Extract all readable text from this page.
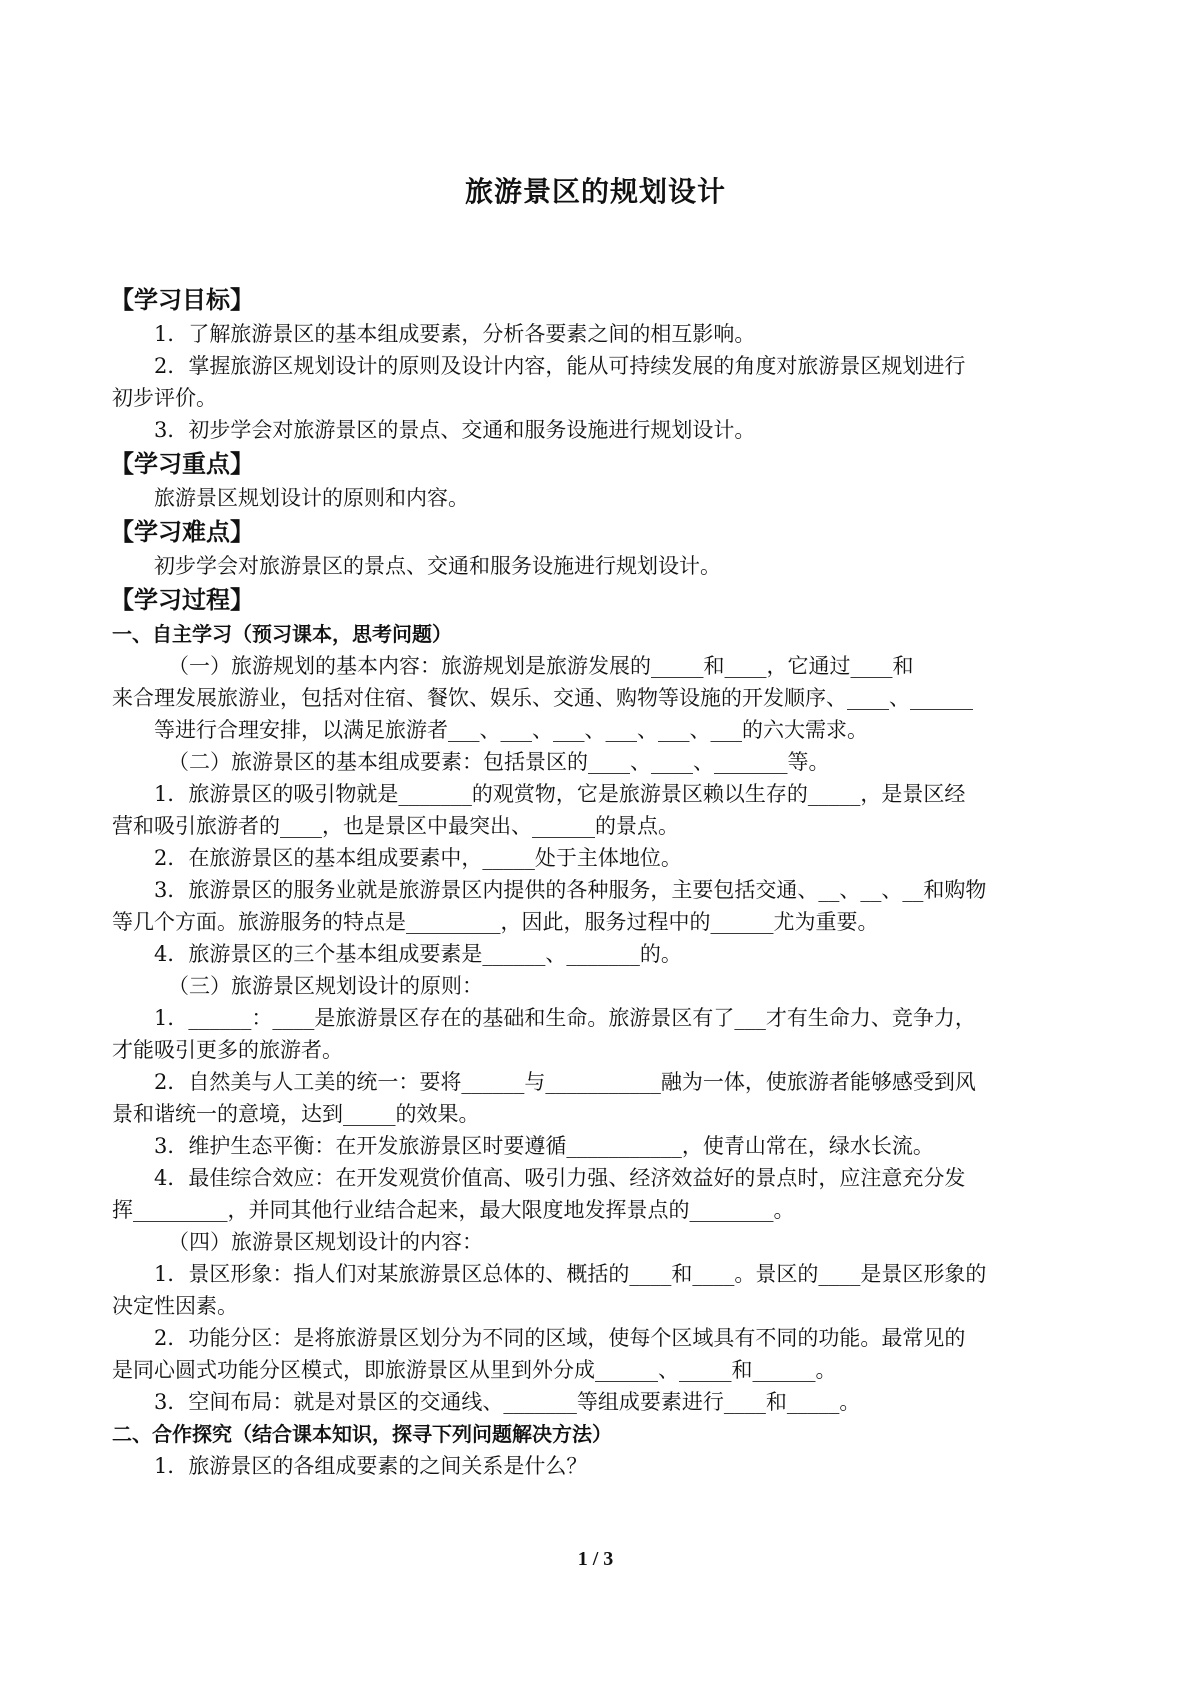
旅游景区的规划设计
【学习目标】
1．了解旅游景区的基本组成要素，分析各要素之间的相互影响。
2．掌握旅游区规划设计的原则及设计内容，能从可持续发展的角度对旅游景区规划进行
初步评价。
3．初步学会对旅游景区的景点、交通和服务设施进行规划设计。
【学习重点】
旅游景区规划设计的原则和内容。
【学习难点】
初步学会对旅游景区的景点、交通和服务设施进行规划设计。
【学习过程】
一、自主学习（预习课本，思考问题）
（一）旅游规划的基本内容：旅游规划是旅游发展的_____和____，它通过____和
来合理发展旅游业，包括对住宿、餐饮、娱乐、交通、购物等设施的开发顺序、____、______
等进行合理安排，以满足旅游者___、___、___、___、___、___的六大需求。
（二）旅游景区的基本组成要素：包括景区的____、____、_______等。
1．旅游景区的吸引物就是_______的观赏物，它是旅游景区赖以生存的_____，是景区经
营和吸引旅游者的____，也是景区中最突出、______的景点。
2．在旅游景区的基本组成要素中，_____处于主体地位。
3．旅游景区的服务业就是旅游景区内提供的各种服务，主要包括交通、__、__、__和购物
等几个方面。旅游服务的特点是_________，因此，服务过程中的______尤为重要。
4．旅游景区的三个基本组成要素是______、_______的。
（三）旅游景区规划设计的原则：
1．______：____是旅游景区存在的基础和生命。旅游景区有了___才有生命力、竞争力，
才能吸引更多的旅游者。
2．自然美与人工美的统一：要将______与___________融为一体，使旅游者能够感受到风
景和谐统一的意境，达到_____的效果。
3．维护生态平衡：在开发旅游景区时要遵循___________，使青山常在，绿水长流。
4．最佳综合效应：在开发观赏价值高、吸引力强、经济效益好的景点时，应注意充分发
挥_________，并同其他行业结合起来，最大限度地发挥景点的________。
（四）旅游景区规划设计的内容：
1．景区形象：指人们对某旅游景区总体的、概括的____和____。景区的____是景区形象的
决定性因素。
2．功能分区：是将旅游景区划分为不同的区域，使每个区域具有不同的功能。最常见的
是同心圆式功能分区模式，即旅游景区从里到外分成______、_____和______。
3．空间布局：就是对景区的交通线、_______等组成要素进行____和_____。
二、合作探究（结合课本知识，探寻下列问题解决方法）
1．旅游景区的各组成要素的之间关系是什么？
1 / 3
